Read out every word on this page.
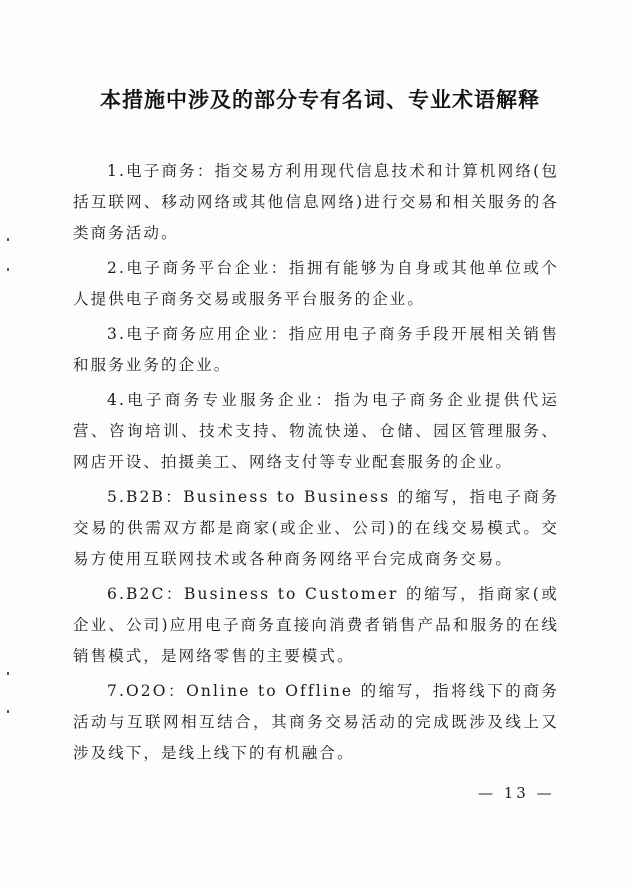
本措施中涉及的部分专有名词、专业术语解释

1.电子商务：指交易方利用现代信息技术和计算机网络(包括互联网、移动网络或其他信息网络)进行交易和相关服务的各类商务活动。

2.电子商务平台企业：指拥有能够为自身或其他单位或个人提供电子商务交易或服务平台服务的企业。

3.电子商务应用企业：指应用电子商务手段开展相关销售和服务业务的企业。

4.电子商务专业服务企业：指为电子商务企业提供代运营、咨询培训、技术支持、物流快递、仓储、园区管理服务、网店开设、拍摄美工、网络支付等专业配套服务的企业。

5.B2B：Business to Business 的缩写，指电子商务交易的供需双方都是商家(或企业、公司)的在线交易模式。交易方使用互联网技术或各种商务网络平台完成商务交易。

6.B2C：Business to Customer 的缩写，指商家(或企业、公司)应用电子商务直接向消费者销售产品和服务的在线销售模式，是网络零售的主要模式。

7.O2O：Online to Offline 的缩写，指将线下的商务活动与互联网相互结合，其商务交易活动的完成既涉及线上又涉及线下，是线上线下的有机融合。

— 13 —
